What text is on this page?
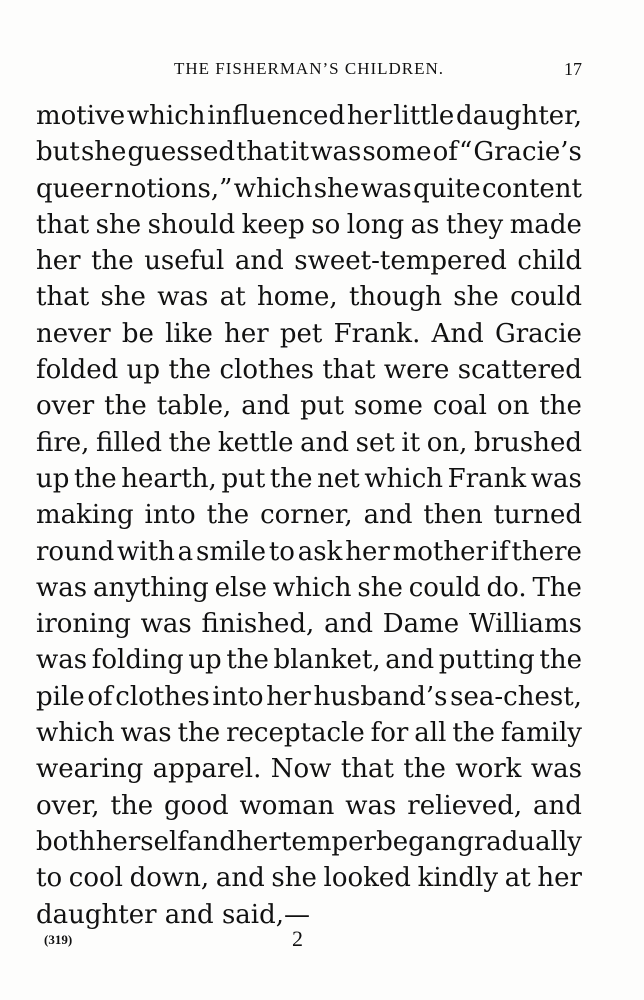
THE FISHERMAN’S CHILDREN.	17
motive which influenced her little daughter,
but she guessed that it was some of “ Gracie’s
queer notions,” which she was quite content
that she should keep so long as they made
her the useful and sweet-tempered child
that she was at home, though she could
never be like her pet Frank. And Gracie
folded up the clothes that were scattered
over the table, and put some coal on the
fire, filled the kettle and set it on, brushed
up the hearth, put the net which Frank was
making into the corner, and then turned
round with a smile to ask her mother if there
was anything else which she could do. The
ironing was finished, and Dame Williams
was folding up the blanket, and putting the
pile of clothes into her husband’s sea-chest,
which was the receptacle for all the family
wearing apparel. Now that the work was
over, the good woman was relieved, and
both herself and her temper began gradually
to cool down, and she looked kindly at her
daughter and said,—
(319)	2
